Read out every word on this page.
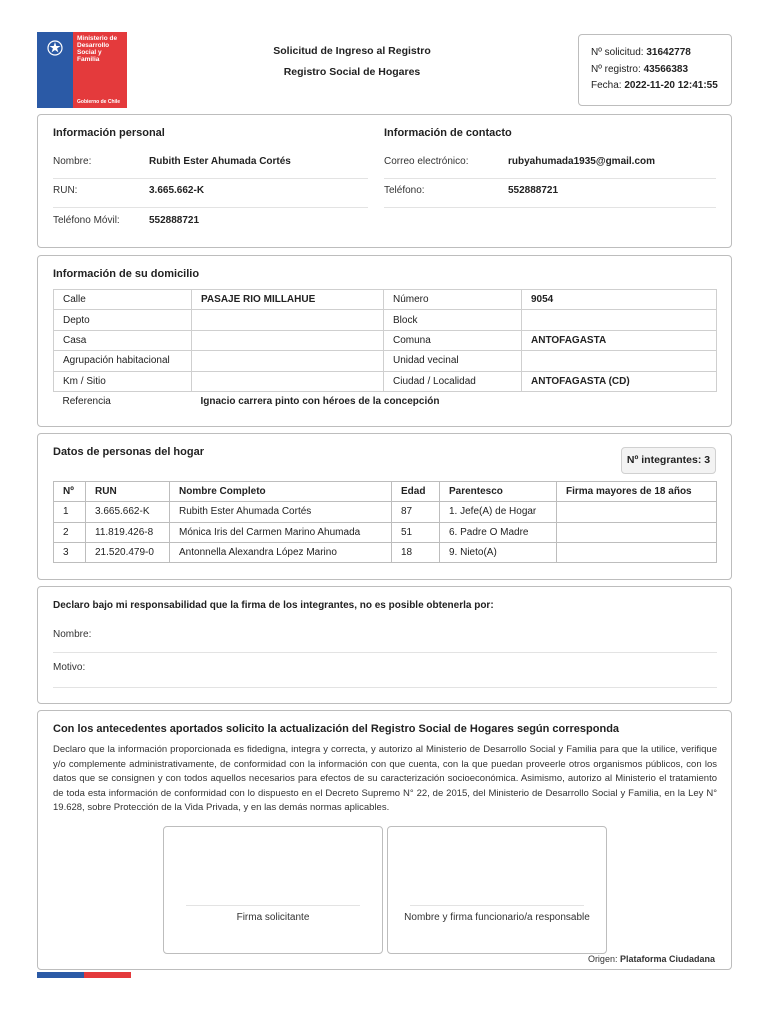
Ministerio de
Desarrollo
Social y
Familia
Gobierno de Chile
Solicitud de Ingreso al Registro
Registro Social de Hogares
Nº solicitud: 31642778
Nº registro: 43566383
Fecha: 2022-11-20 12:41:55
Información personal	Información de contacto
Nombre:	Rubith Ester Ahumada Cortés
RUN:	3.665.662-K
Teléfono Móvil:	552888721
Correo electrónico:	rubyahumada1935@gmail.com
Teléfono:	552888721
Información de su domicilio
Calle	PASAJE RIO MILLAHUE	Número	9054
Depto		Block	
Casa		Comuna	ANTOFAGASTA
Agrupación habitacional		Unidad vecinal	
Km / Sitio		Ciudad / Localidad	ANTOFAGASTA (CD)
Referencia	Ignacio carrera pinto con héroes de la concepción		
Datos de personas del hogar
Nº integrantes: 3
Nº	RUN	Nombre Completo	Edad	Parentesco	Firma mayores de 18 años
1	3.665.662-K	Rubith Ester Ahumada Cortés	87	1. Jefe(A) de Hogar	
2	11.819.426-8	Mónica Iris del Carmen Marino Ahumada	51	6. Padre O Madre	
3	21.520.479-0	Antonnella Alexandra López Marino	18	9. Nieto(A)	
Declaro bajo mi responsabilidad que la firma de los integrantes, no es posible obtenerla por:
Nombre:
Motivo:
Con los antecedentes aportados solicito la actualización del Registro Social de Hogares según corresponda
Declaro que la información proporcionada es fidedigna, integra y correcta, y autorizo al Ministerio de Desarrollo Social y Familia para que la utilice, verifique y/o complemente administrativamente, de conformidad con la información con que cuenta, con la que puedan proveerle otros organismos públicos, con los datos que se consignen y con todos aquellos necesarios para efectos de su caracterización socioeconómica. Asimismo, autorizo al Ministerio el tratamiento de toda esta información de conformidad con lo dispuesto en el Decreto Supremo N° 22, de 2015, del Ministerio de Desarrollo Social y Familia, en la Ley N° 19.628, sobre Protección de la Vida Privada, y en las demás normas aplicables.
Firma solicitante	Nombre y firma funcionario/a responsable
Origen: Plataforma Ciudadana
